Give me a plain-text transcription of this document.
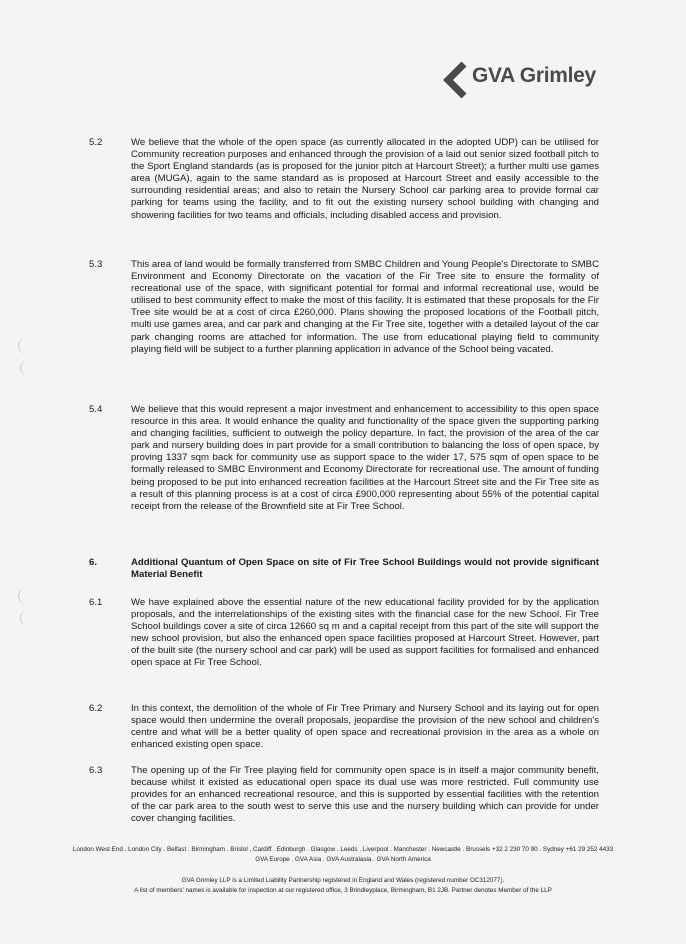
GVA Grimley
5.2	We believe that the whole of the open space (as currently allocated in the adopted UDP) can be utilised for Community recreation purposes and enhanced through the provision of a laid out senior sized football pitch to the Sport England standards (as is proposed for the junior pitch at Harcourt Street); a further multi use games area (MUGA), again to the same standard as is proposed at Harcourt Street and easily accessible to the surrounding residential areas; and also to retain the Nursery School car parking area to provide formal car parking for teams using the facility, and to fit out the existing nursery school building with changing and showering facilities for two teams and officials, including disabled access and provision.
5.3	This area of land would be formally transferred from SMBC Children and Young People's Directorate to SMBC Environment and Economy Directorate on the vacation of the Fir Tree site to ensure the formality of recreational use of the space, with significant potential for formal and informal recreational use, would be utilised to best community effect to make the most of this facility. It is estimated that these proposals for the Fir Tree site would be at a cost of circa £260,000. Plans showing the proposed locations of the Football pitch, multi use games area, and car park and changing at the Fir Tree site, together with a detailed layout of the car park changing rooms are attached for information. The use from educational playing field to community playing field will be subject to a further planning application in advance of the School being vacated.
5.4	We believe that this would represent a major investment and enhancement to accessibility to this open space resource in this area. It would enhance the quality and functionality of the space given the supporting parking and changing facilities, sufficient to outweigh the policy departure. In fact, the provision of the area of the car park and nursery building does in part provide for a small contribution to balancing the loss of open space, by proving 1337 sqm back for community use as support space to the wider 17, 575 sqm of open space to be formally released to SMBC Environment and Economy Directorate for recreational use. The amount of funding being proposed to be put into enhanced recreation facilities at the Harcourt Street site and the Fir Tree site as a result of this planning process is at a cost of circa £900,000 representing about 55% of the potential capital receipt from the release of the Brownfield site at Fir Tree School.
6.	Additional Quantum of Open Space on site of Fir Tree School Buildings would not provide significant Material Benefit
6.1	We have explained above the essential nature of the new educational facility provided for by the application proposals, and the interrelationships of the existing sites with the financial case for the new School. Fir Tree School buildings cover a site of circa 12660 sq m and a capital receipt from this part of the site will support the new school provision, but also the enhanced open space facilities proposed at Harcourt Street. However, part of the built site (the nursery school and car park) will be used as support facilities for formalised and enhanced open space at Fir Tree School.
6.2	In this context, the demolition of the whole of Fir Tree Primary and Nursery School and its laying out for open space would then undermine the overall proposals, jeopardise the provision of the new school and children's centre and what will be a better quality of open space and recreational provision in the area as a whole on enhanced existing open space.
6.3	The opening up of the Fir Tree playing field for community open space is in itself a major community benefit, because whilst it existed as educational open space its dual use was more restricted. Full community use provides for an enhanced recreational resource, and this is supported by essential facilities with the retention of the car park area to the south west to serve this use and the nursery building which can provide for under cover changing facilities.
London West End . London City . Belfast . Birmingham . Bristol . Cardiff . Edinburgh . Glasgow . Leeds . Liverpool . Manchester . Newcastle . Brussels +32 2 230 70 90 . Sydney +61 29 252 4433
GVA Europe . GVA Asia . GVA Australasia . GVA North America
GVA Grimley LLP is a Limited Liability Partnership registered in England and Wales (registered number OC312077).
A list of members' names is available for inspection at our registered office, 3 Brindleyplace, Birmingham, B1 2JB. Partner denotes Member of the LLP
